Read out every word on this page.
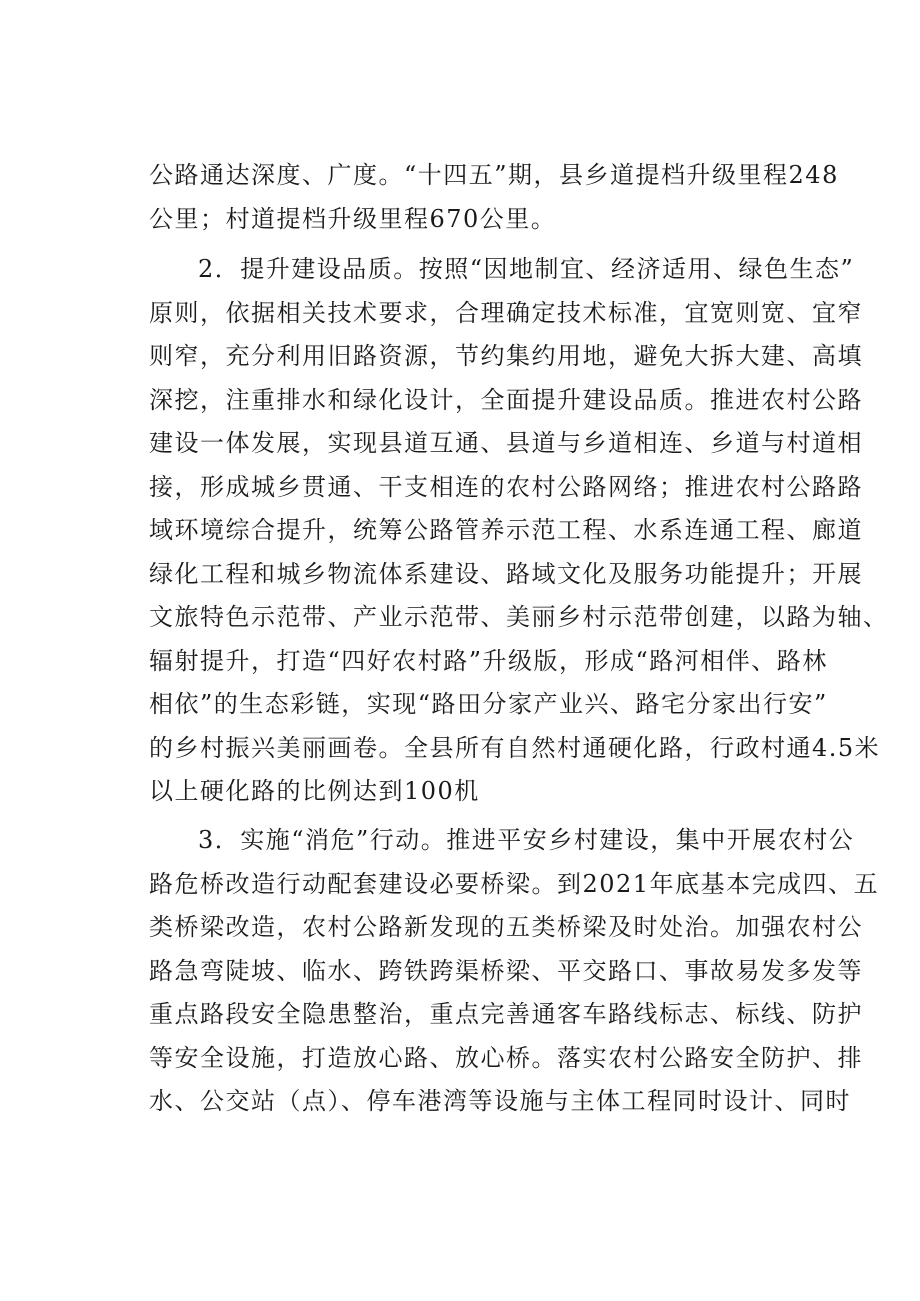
公路通达深度、广度。“十四五”期，县乡道提档升级里程248
公里；村道提档升级里程670公里。
2．提升建设品质。按照“因地制宜、经济适用、绿色生态”
原则，依据相关技术要求，合理确定技术标准，宜宽则宽、宜窄
则窄，充分利用旧路资源，节约集约用地，避免大拆大建、高填
深挖，注重排水和绿化设计，全面提升建设品质。推进农村公路
建设一体发展，实现县道互通、县道与乡道相连、乡道与村道相
接，形成城乡贯通、干支相连的农村公路网络；推进农村公路路
域环境综合提升，统筹公路管养示范工程、水系连通工程、廊道
绿化工程和城乡物流体系建设、路域文化及服务功能提升；开展
文旅特色示范带、产业示范带、美丽乡村示范带创建，以路为轴、
辐射提升，打造“四好农村路”升级版，形成“路河相伴、路林
相依”的生态彩链，实现“路田分家产业兴、路宅分家出行安”
的乡村振兴美丽画卷。全县所有自然村通硬化路，行政村通4.5米
以上硬化路的比例达到100机
3．实施“消危”行动。推进平安乡村建设，集中开展农村公
路危桥改造行动配套建设必要桥梁。到2021年底基本完成四、五
类桥梁改造，农村公路新发现的五类桥梁及时处治。加强农村公
路急弯陡坡、临水、跨铁跨渠桥梁、平交路口、事故易发多发等
重点路段安全隐患整治，重点完善通客车路线标志、标线、防护
等安全设施，打造放心路、放心桥。落实农村公路安全防护、排
水、公交站（点）、停车港湾等设施与主体工程同时设计、同时
